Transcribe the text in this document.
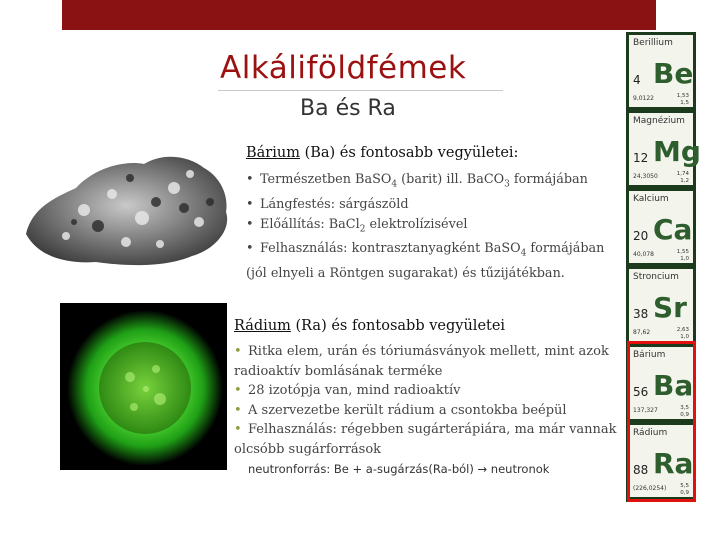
Alkáliföldfémek
Ba és Ra
Bárium (Ba) és fontosabb vegyületei:
• Természetben BaSO$_4$ (barit) ill. BaCO$_3$ formájában
• Lángfestés: sárgászöld
• Előállítás: BaCl$_2$ elektrolízisével
• Felhasználás: kontrasztanyagként BaSO$_4$ formájában
(jól elnyeli a Röntgen sugarakat) és tűzijátékban.
Rádium (Ra) és fontosabb vegyületei
• Ritka elem, urán és tóriumásványok mellett, mint azok
radioaktív bomlásának terméke
• 28 izotópja van, mind radioaktív
• A szervezetbe került rádium a csontokba beépül
• Felhasználás: régebben sugárterápiára, ma már vannak
olcsóbb sugárforrások
neutronforrás: Be + a-sugárzás(Ra-ból) → neutronok
Berillium
4 Be
9,0122	1,53
1,5
Magnézium
12 Mg
24,3050	1,74
1,2
Kalcium
20 Ca
40,078	1,55
1,0
Stroncium
38 Sr
87,62	2,63
1,0
Bárium
56 Ba
137,327	3,5
0,9
Rádium
88 Ra
(226,0254)	5,5
0,9
